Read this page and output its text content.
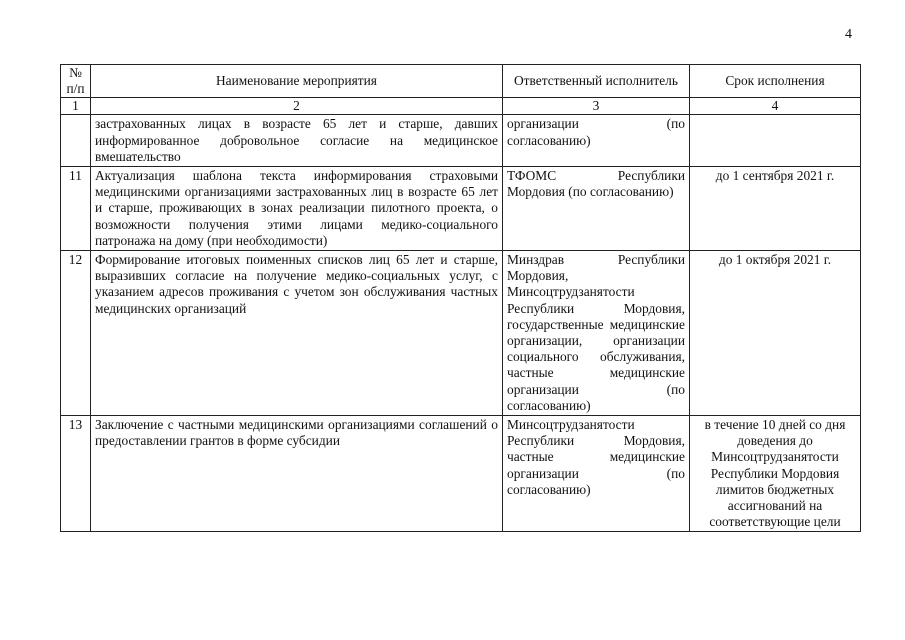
4
№ п/п	Наименование мероприятия	Ответственный исполнитель	Срок исполнения
1	2	3	4
	застрахованных лицах в возрасте 65 лет и старше, давших информированное добровольное согласие на медицинское вмешательство	организации (по согласованию)	
11	Актуализация шаблона текста информирования страховыми медицинскими организациями застрахованных лиц в возрасте 65 лет и старше, проживающих в зонах реализации пилотного проекта, о возможности получения этими лицами медико-социального патронажа на дому (при необходимости)	ТФОМС Республики Мордовия (по согласованию)	до 1 сентября 2021 г.
12	Формирование итоговых поименных списков лиц 65 лет и старше, выразивших согласие на получение медико-социальных услуг, с указанием адресов проживания с учетом зон обслуживания частных медицинских организаций	Минздрав Республики Мордовия, Минсоцтрудзанятости Республики Мордовия, государственные медицинские организации, организации социального обслуживания, частные медицинские организации (по согласованию)	до 1 октября 2021 г.
13	Заключение с частными медицинскими организациями соглашений о предоставлении грантов в форме субсидии	Минсоцтрудзанятости Республики Мордовия, частные медицинские организации (по согласованию)	в течение 10 дней со дня доведения до Минсоцтрудзанятости Республики Мордовия лимитов бюджетных ассигнований на соответствующие цели
